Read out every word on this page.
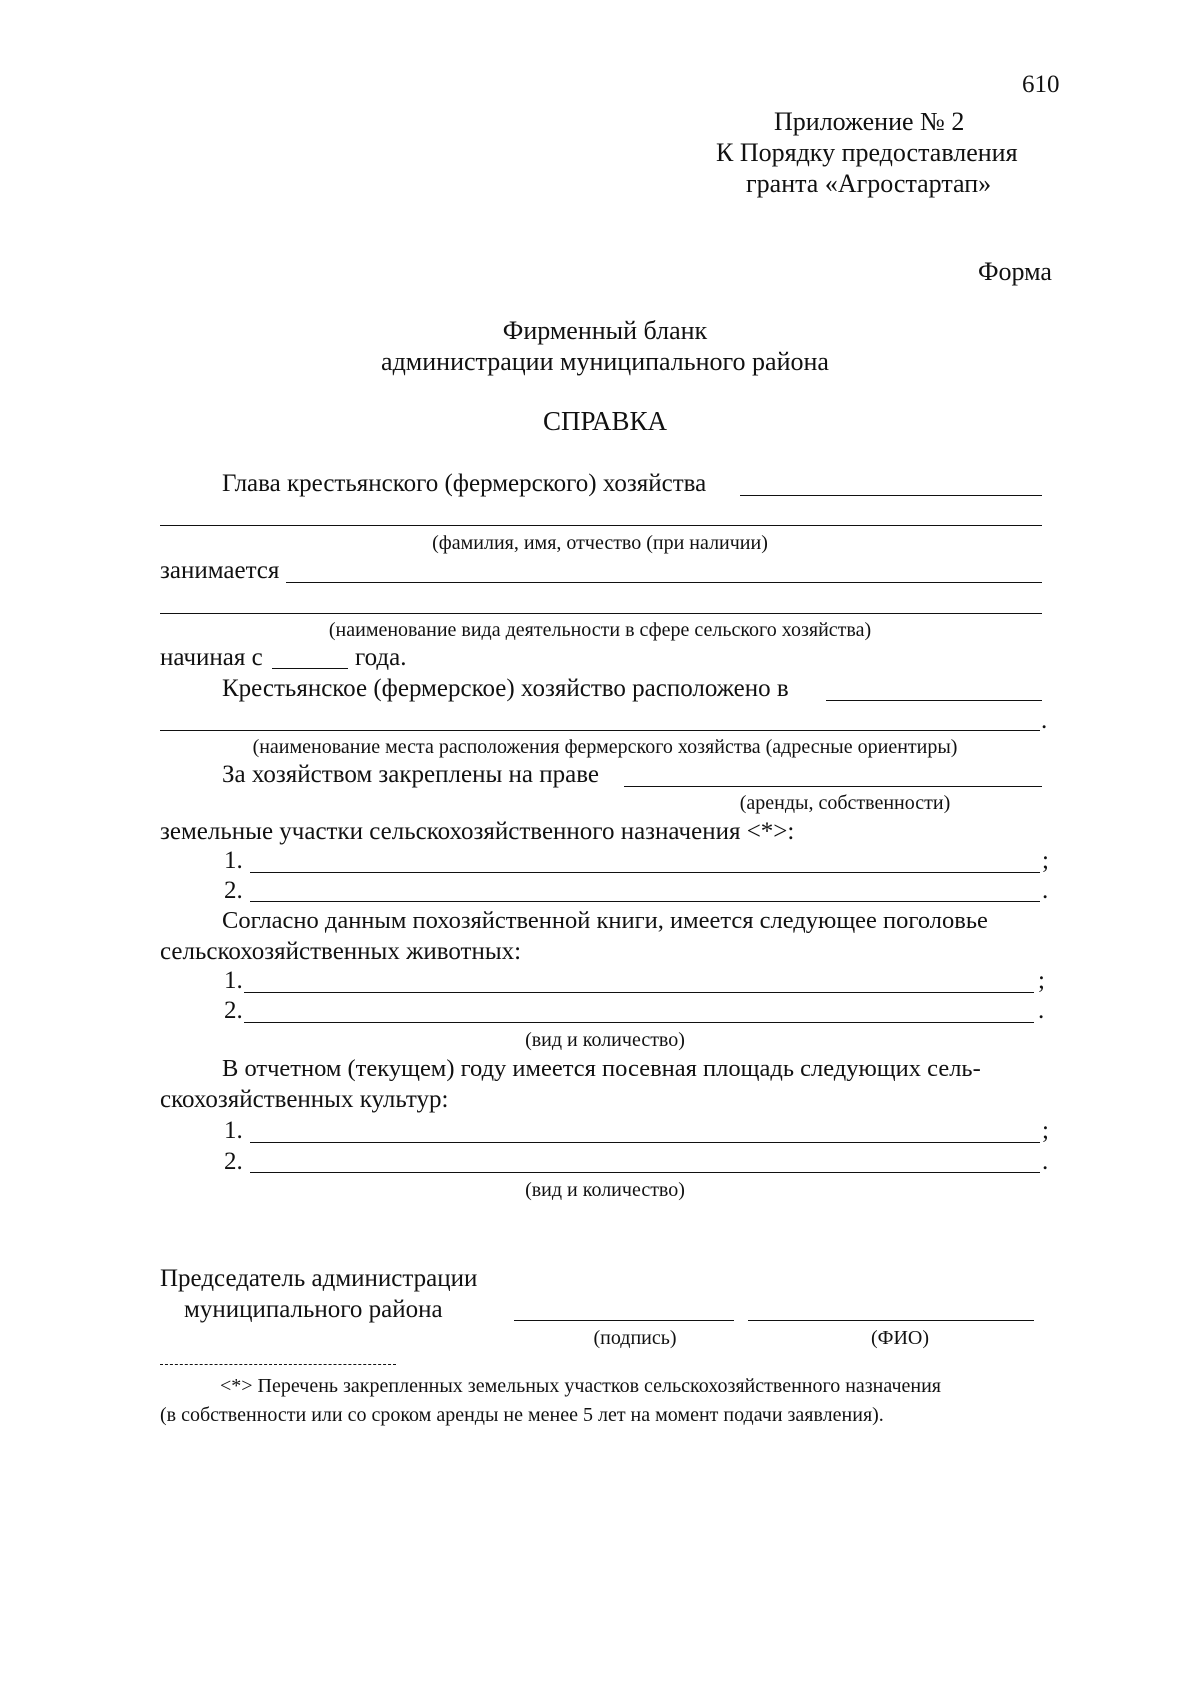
610
Приложение № 2
К Порядку предоставления
гранта «Агростартап»
Форма
Фирменный бланк
администрации муниципального района
СПРАВКА
Глава крестьянского (фермерского) хозяйства
(фамилия, имя, отчество (при наличии)
занимается
(наименование вида деятельности в сфере сельского хозяйства)
начиная с	года.
Крестьянское (фермерское) хозяйство расположено в
.
(наименование места расположения фермерского хозяйства (адресные ориентиры)
За хозяйством закреплены на праве
(аренды, собственности)
земельные участки сельскохозяйственного назначения <*>:
1.	;
2.	.
Согласно данным похозяйственной книги, имеется следующее поголовье
сельскохозяйственных животных:
1.	;
2.	.
(вид и количество)
В отчетном (текущем) году имеется посевная площадь следующих сель-
скохозяйственных культур:
1.	;
2.	.
(вид и количество)
Председатель администрации
муниципального района
(подпись)	(ФИО)
<*> Перечень закрепленных земельных участков сельскохозяйственного назначения
(в собственности или со сроком аренды не менее 5 лет на момент подачи заявления).
